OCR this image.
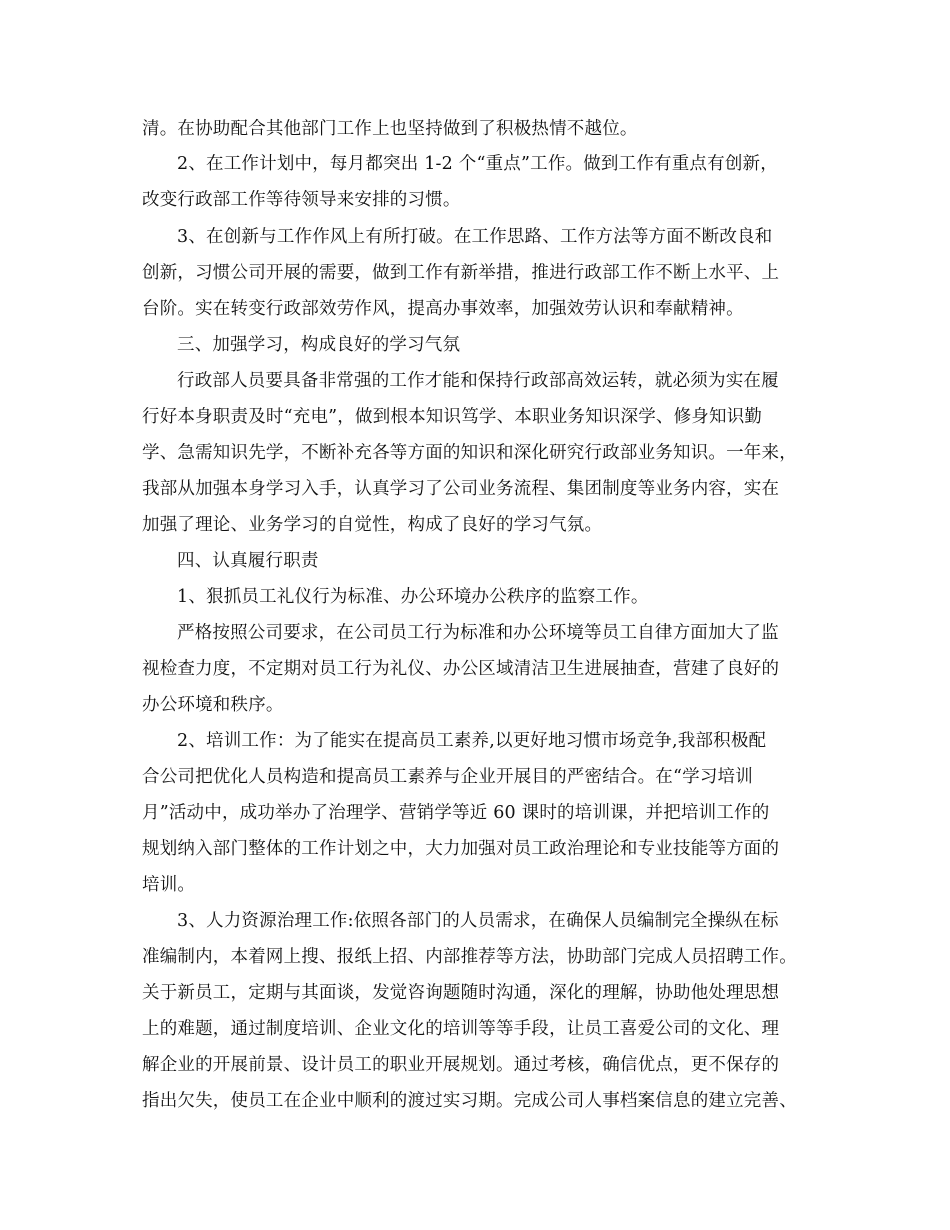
清。在协助配合其他部门工作上也坚持做到了积极热情不越位。
2、在工作计划中，每月都突出 1-2 个“重点”工作。做到工作有重点有创新，
改变行政部工作等待领导来安排的习惯。
3、在创新与工作作风上有所打破。在工作思路、工作方法等方面不断改良和
创新，习惯公司开展的需要，做到工作有新举措，推进行政部工作不断上水平、上
台阶。实在转变行政部效劳作风，提高办事效率，加强效劳认识和奉献精神。
三、加强学习，构成良好的学习气氛
行政部人员要具备非常强的工作才能和保持行政部高效运转，就必须为实在履
行好本身职责及时“充电”，做到根本知识笃学、本职业务知识深学、修身知识勤
学、急需知识先学，不断补充各等方面的知识和深化研究行政部业务知识。一年来，
我部从加强本身学习入手，认真学习了公司业务流程、集团制度等业务内容，实在
加强了理论、业务学习的自觉性，构成了良好的学习气氛。
四、认真履行职责
1、狠抓员工礼仪行为标准、办公环境办公秩序的监察工作。
严格按照公司要求，在公司员工行为标准和办公环境等员工自律方面加大了监
视检查力度，不定期对员工行为礼仪、办公区域清洁卫生进展抽查，营建了良好的
办公环境和秩序。
2、培训工作：为了能实在提高员工素养,以更好地习惯市场竞争,我部积极配
合公司把优化人员构造和提高员工素养与企业开展目的严密结合。在“学习培训
月”活动中，成功举办了治理学、营销学等近 60 课时的培训课，并把培训工作的
规划纳入部门整体的工作计划之中，大力加强对员工政治理论和专业技能等方面的
培训。
3、人力资源治理工作:依照各部门的人员需求，在确保人员编制完全操纵在标
准编制内，本着网上搜、报纸上招、内部推荐等方法，协助部门完成人员招聘工作。
关于新员工，定期与其面谈，发觉咨询题随时沟通，深化的理解，协助他处理思想
上的难题，通过制度培训、企业文化的培训等等手段，让员工喜爱公司的文化、理
解企业的开展前景、设计员工的职业开展规划。通过考核，确信优点，更不保存的
指出欠失，使员工在企业中顺利的渡过实习期。完成公司人事档案信息的建立完善、
